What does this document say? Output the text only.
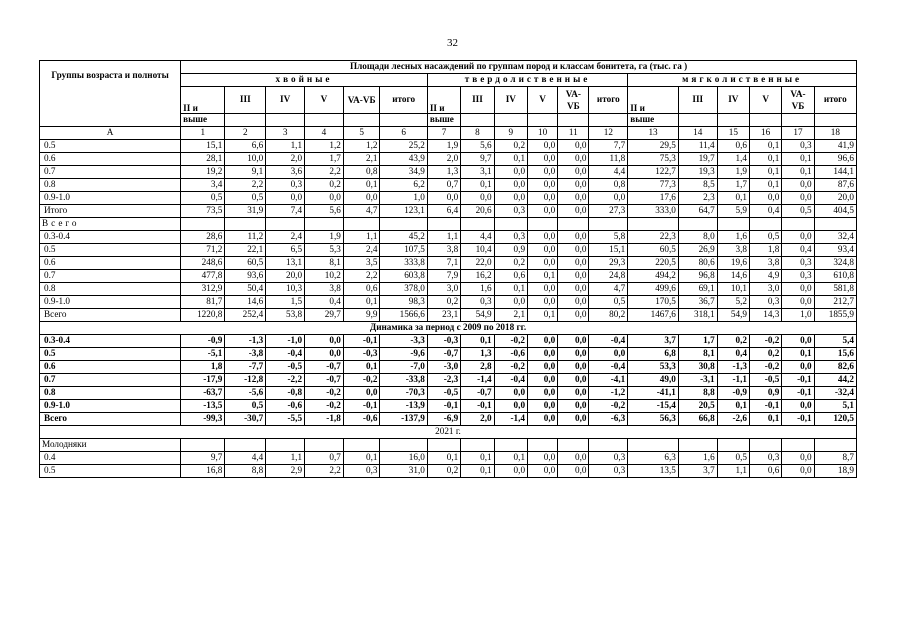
32
Группы возраста и полноты	Площади лесных насаждений по группам пород и классам бонитета, га (тыс. га )																	
	хвойные						твердолиственные						мягколиственные					
	II и	III	IV	V	VA-VБ	итого	II и	III	IV	V	VA-VБ	итого	II и	III	IV	V	VA-VБ	итого
	выше						выше						выше					
А	1	2	3	4	5	6	7	8	9	10	11	12	13	14	15	16	17	18
0.5	15,1	6,6	1,1	1,2	1,2	25,2	1,9	5,6	0,2	0,0	0,0	7,7	29,5	11,4	0,6	0,1	0,3	41,9
0.6	28,1	10,0	2,0	1,7	2,1	43,9	2,0	9,7	0,1	0,0	0,0	11,8	75,3	19,7	1,4	0,1	0,1	96,6
0.7	19,2	9,1	3,6	2,2	0,8	34,9	1,3	3,1	0,0	0,0	0,0	4,4	122,7	19,3	1,9	0,1	0,1	144,1
0.8	3,4	2,2	0,3	0,2	0,1	6,2	0,7	0,1	0,0	0,0	0,0	0,8	77,3	8,5	1,7	0,1	0,0	87,6
0.9-1.0	0,5	0,5	0,0	0,0	0,0	1,0	0,0	0,0	0,0	0,0	0,0	0,0	17,6	2,3	0,1	0,0	0,0	20,0
Итого	73,5	31,9	7,4	5,6	4,7	123,1	6,4	20,6	0,3	0,0	0,0	27,3	333,0	64,7	5,9	0,4	0,5	404,5
Всего																		
0.3-0.4	28,6	11,2	2,4	1,9	1,1	45,2	1,1	4,4	0,3	0,0	0,0	5,8	22,3	8,0	1,6	0,5	0,0	32,4
0.5	71,2	22,1	6,5	5,3	2,4	107,5	3,8	10,4	0,9	0,0	0,0	15,1	60,5	26,9	3,8	1,8	0,4	93,4
0.6	248,6	60,5	13,1	8,1	3,5	333,8	7,1	22,0	0,2	0,0	0,0	29,3	220,5	80,6	19,6	3,8	0,3	324,8
0.7	477,8	93,6	20,0	10,2	2,2	603,8	7,9	16,2	0,6	0,1	0,0	24,8	494,2	96,8	14,6	4,9	0,3	610,8
0.8	312,9	50,4	10,3	3,8	0,6	378,0	3,0	1,6	0,1	0,0	0,0	4,7	499,6	69,1	10,1	3,0	0,0	581,8
0.9-1.0	81,7	14,6	1,5	0,4	0,1	98,3	0,2	0,3	0,0	0,0	0,0	0,5	170,5	36,7	5,2	0,3	0,0	212,7
Всего	1220,8	252,4	53,8	29,7	9,9	1566,6	23,1	54,9	2,1	0,1	0,0	80,2	1467,6	318,1	54,9	14,3	1,0	1855,9
Динамика за период с 2009 по 2018 гг.																		
0.3-0.4	-0,9	-1,3	-1,0	0,0	-0,1	-3,3	-0,3	0,1	-0,2	0,0	0,0	-0,4	3,7	1,7	0,2	-0,2	0,0	5,4
0.5	-5,1	-3,8	-0,4	0,0	-0,3	-9,6	-0,7	1,3	-0,6	0,0	0,0	0,0	6,8	8,1	0,4	0,2	0,1	15,6
0.6	1,8	-7,7	-0,5	-0,7	0,1	-7,0	-3,0	2,8	-0,2	0,0	0,0	-0,4	53,3	30,8	-1,3	-0,2	0,0	82,6
0.7	-17,9	-12,8	-2,2	-0,7	-0,2	-33,8	-2,3	-1,4	-0,4	0,0	0,0	-4,1	49,0	-3,1	-1,1	-0,5	-0,1	44,2
0.8	-63,7	-5,6	-0,8	-0,2	0,0	-70,3	-0,5	-0,7	0,0	0,0	0,0	-1,2	-41,1	8,8	-0,9	0,9	-0,1	-32,4
0.9-1.0	-13,5	0,5	-0,6	-0,2	-0,1	-13,9	-0,1	-0,1	0,0	0,0	0,0	-0,2	-15,4	20,5	0,1	-0,1	0,0	5,1
Всего	-99,3	-30,7	-5,5	-1,8	-0,6	-137,9	-6,9	2,0	-1,4	0,0	0,0	-6,3	56,3	66,8	-2,6	0,1	-0,1	120,5
2021 г.																		
Молодняки																		
0.4	9,7	4,4	1,1	0,7	0,1	16,0	0,1	0,1	0,1	0,0	0,0	0,3	6,3	1,6	0,5	0,3	0,0	8,7
0.5	16,8	8,8	2,9	2,2	0,3	31,0	0,2	0,1	0,0	0,0	0,0	0,3	13,5	3,7	1,1	0,6	0,0	18,9
